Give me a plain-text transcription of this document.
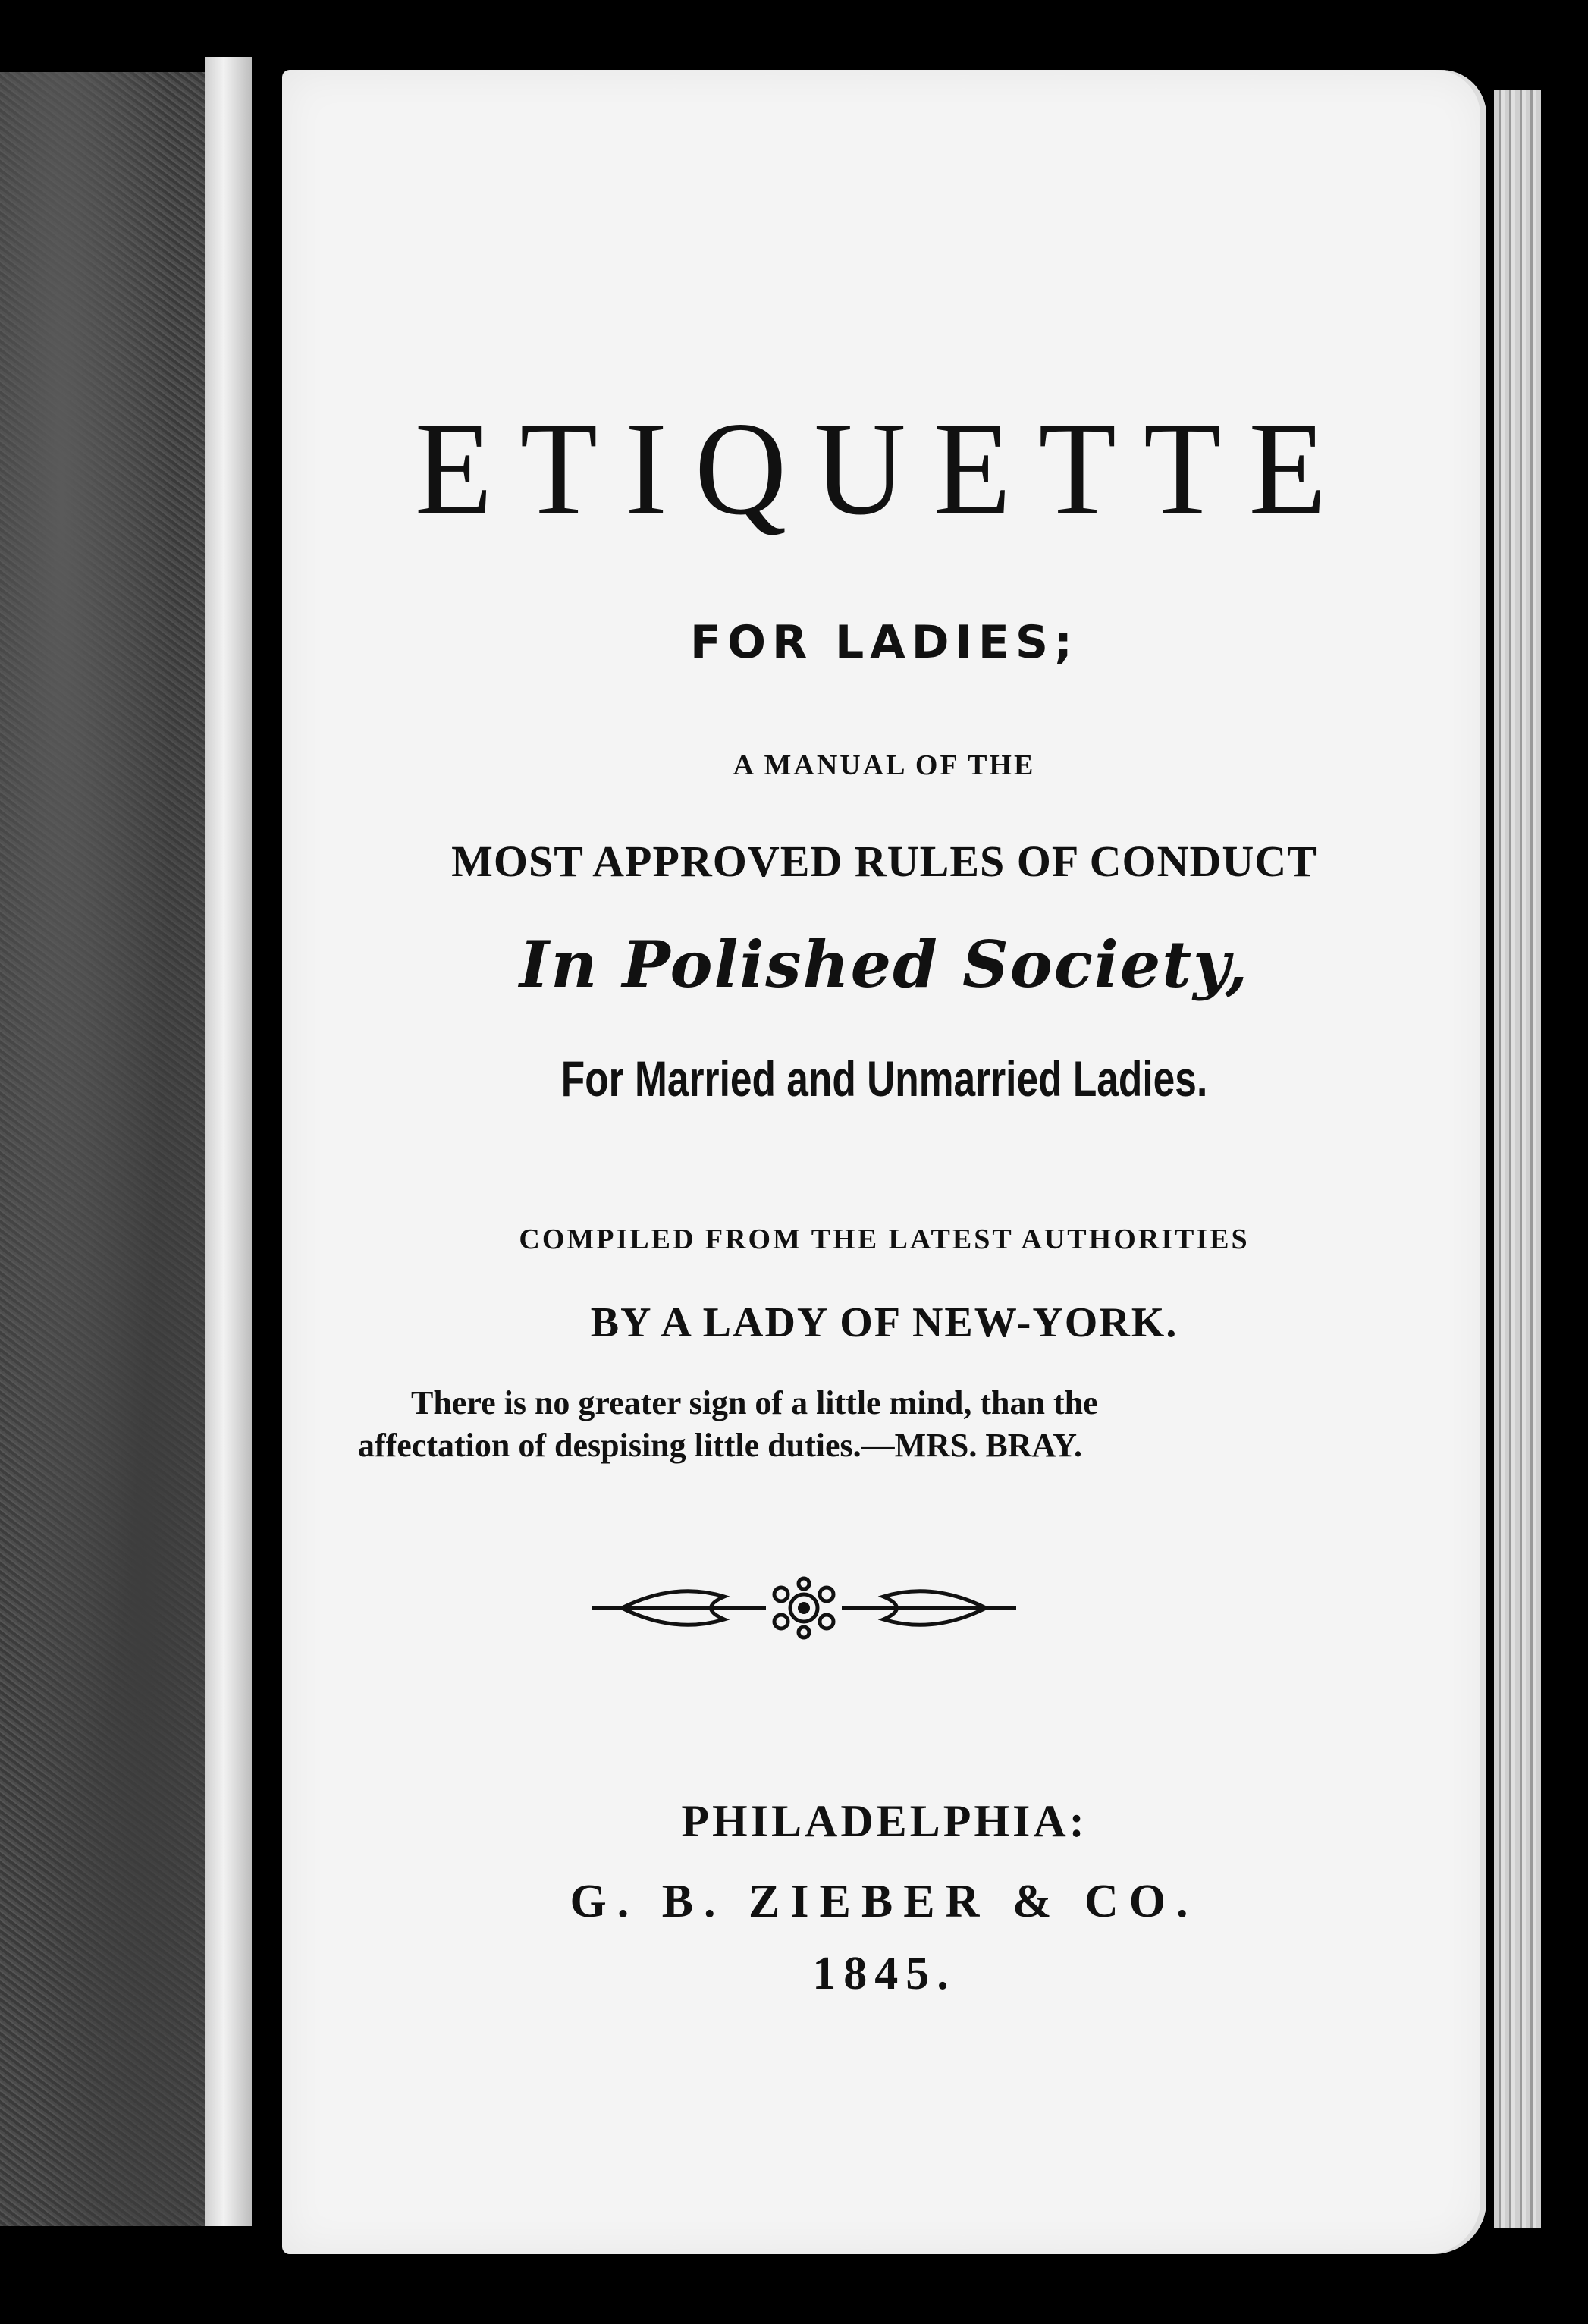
ETIQUETTE
FOR LADIES;
A MANUAL OF THE
MOST APPROVED RULES OF CONDUCT
In Polished Society,
For Married and Unmarried Ladies.
COMPILED FROM THE LATEST AUTHORITIES
BY A LADY OF NEW-YORK.
There is no greater sign of a little mind, than the
affectation of despising little duties.—MRS. BRAY.
PHILADELPHIA:
G. B. ZIEBER & CO.
1845.
